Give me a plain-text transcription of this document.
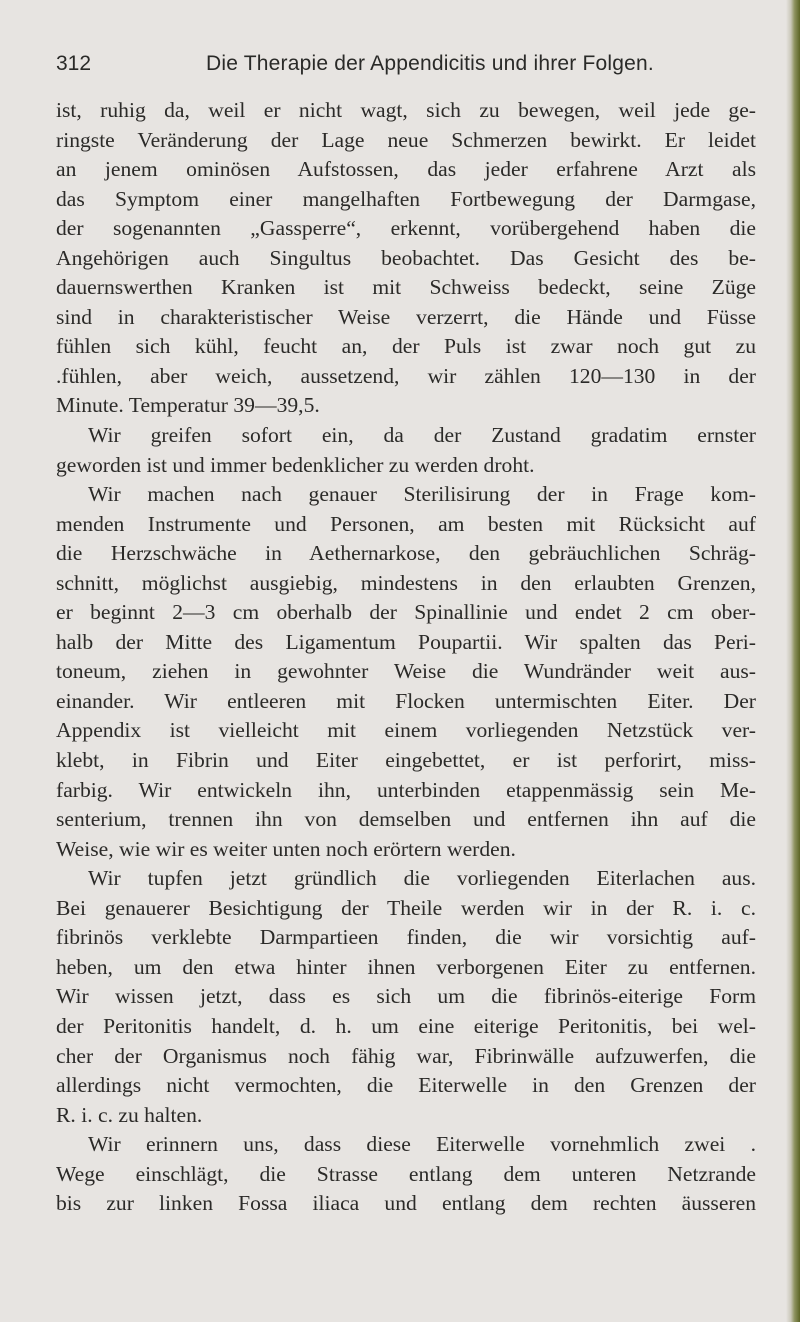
312	Die Therapie der Appendicitis und ihrer Folgen.
ist, ruhig da, weil er nicht wagt, sich zu bewegen, weil jede ge-
ringste Veränderung der Lage neue Schmerzen bewirkt. Er leidet
an jenem ominösen Aufstossen, das jeder erfahrene Arzt als
das Symptom einer mangelhaften Fortbewegung der Darmgase,
der sogenannten „Gassperre“, erkennt, vorübergehend haben die
Angehörigen auch Singultus beobachtet. Das Gesicht des be-
dauernswerthen Kranken ist mit Schweiss bedeckt, seine Züge
sind in charakteristischer Weise verzerrt, die Hände und Füsse
fühlen sich kühl, feucht an, der Puls ist zwar noch gut zu
.fühlen, aber weich, aussetzend, wir zählen 120—130 in der
Minute. Temperatur 39—39,5.
Wir greifen sofort ein, da der Zustand gradatim ernster
geworden ist und immer bedenklicher zu werden droht.
Wir machen nach genauer Sterilisirung der in Frage kom-
menden Instrumente und Personen, am besten mit Rücksicht auf
die Herzschwäche in Aethernarkose, den gebräuchlichen Schräg-
schnitt, möglichst ausgiebig, mindestens in den erlaubten Grenzen,
er beginnt 2—3 cm oberhalb der Spinallinie und endet 2 cm ober-
halb der Mitte des Ligamentum Poupartii. Wir spalten das Peri-
toneum, ziehen in gewohnter Weise die Wundränder weit aus-
einander. Wir entleeren mit Flocken untermischten Eiter. Der
Appendix ist vielleicht mit einem vorliegenden Netzstück ver-
klebt, in Fibrin und Eiter eingebettet, er ist perforirt, miss-
farbig. Wir entwickeln ihn, unterbinden etappenmässig sein Me-
senterium, trennen ihn von demselben und entfernen ihn auf die
Weise, wie wir es weiter unten noch erörtern werden.
Wir tupfen jetzt gründlich die vorliegenden Eiterlachen aus.
Bei genauerer Besichtigung der Theile werden wir in der R. i. c.
fibrinös verklebte Darmpartieen finden, die wir vorsichtig auf-
heben, um den etwa hinter ihnen verborgenen Eiter zu entfernen.
Wir wissen jetzt, dass es sich um die fibrinös-eiterige Form
der Peritonitis handelt, d. h. um eine eiterige Peritonitis, bei wel-
cher der Organismus noch fähig war, Fibrinwälle aufzuwerfen, die
allerdings nicht vermochten, die Eiterwelle in den Grenzen der
R. i. c. zu halten.
Wir erinnern uns, dass diese Eiterwelle vornehmlich zwei .
Wege einschlägt, die Strasse entlang dem unteren Netzrande
bis zur linken Fossa iliaca und entlang dem rechten äusseren
